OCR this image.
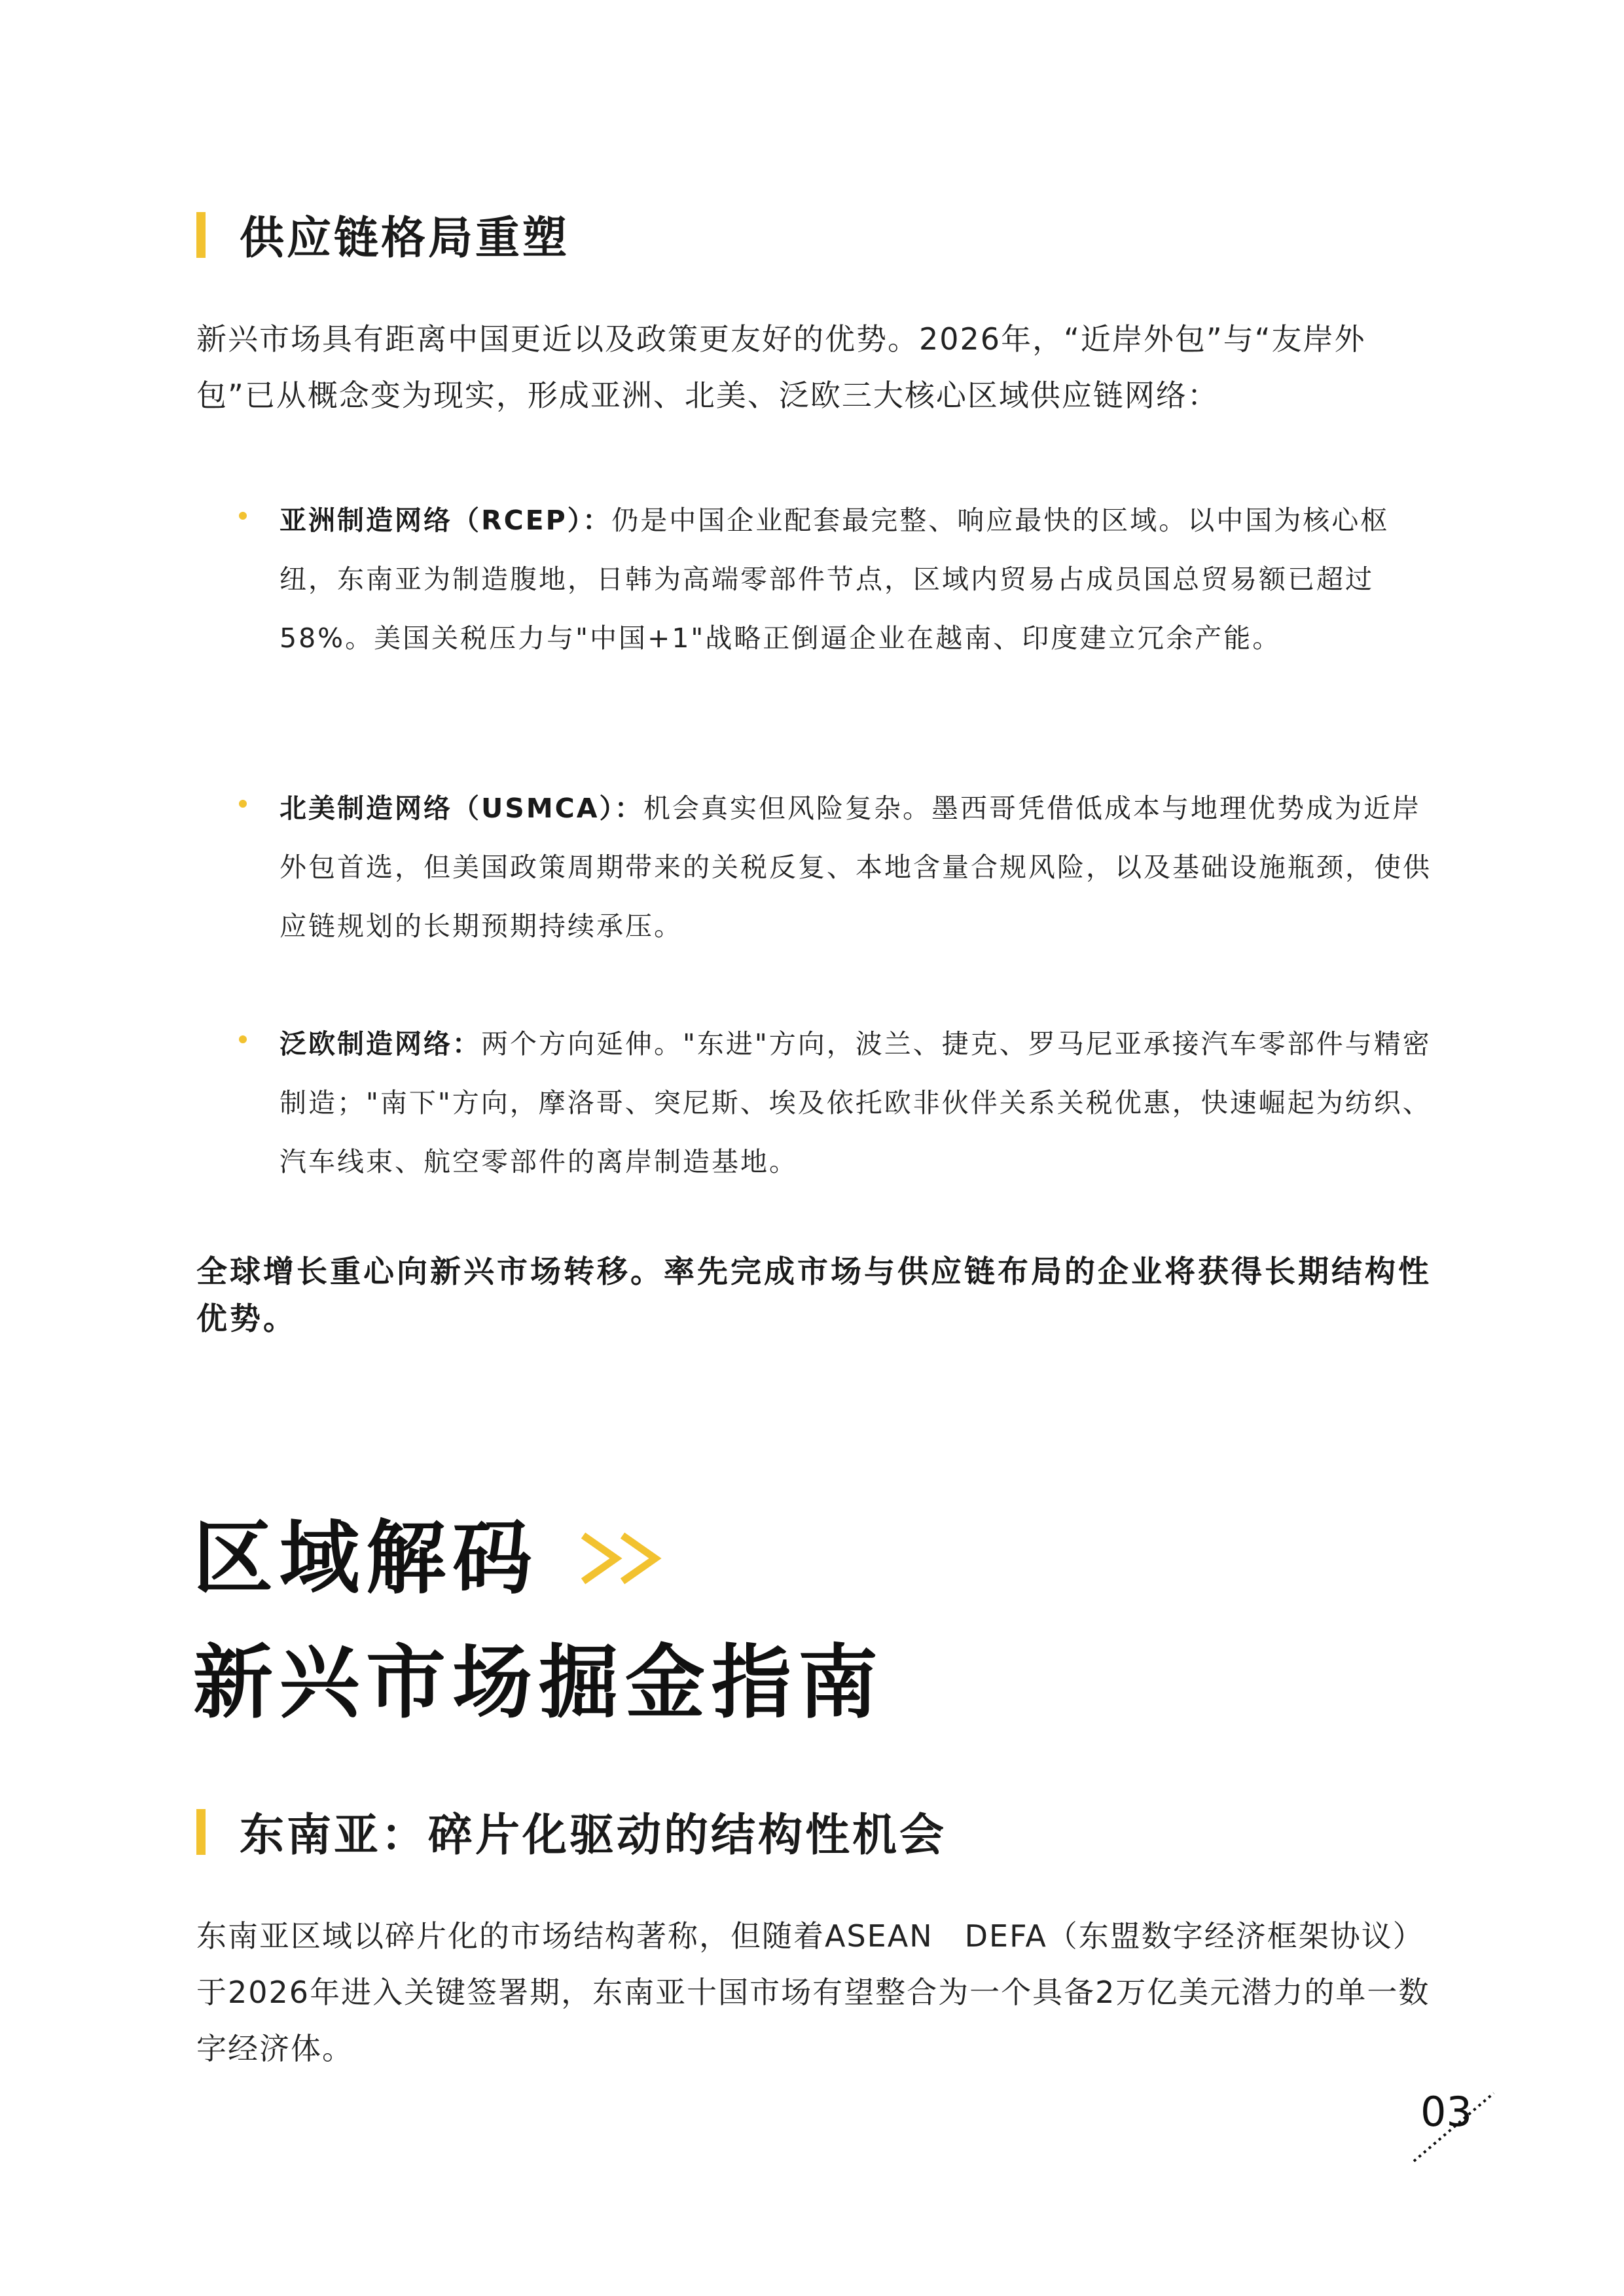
供应链格局重塑
新兴市场具有距离中国更近以及政策更友好的优势。2026年，“近岸外包”与“友岸外包”已从概念变为现实，形成亚洲、北美、泛欧三大核心区域供应链网络：
亚洲制造网络（RCEP）：仍是中国企业配套最完整、响应最快的区域。以中国为核心枢纽，东南亚为制造腹地，日韩为高端零部件节点，区域内贸易占成员国总贸易额已超过58%。美国关税压力与"中国+1"战略正倒逼企业在越南、印度建立冗余产能。
北美制造网络（USMCA）：机会真实但风险复杂。墨西哥凭借低成本与地理优势成为近岸外包首选，但美国政策周期带来的关税反复、本地含量合规风险，以及基础设施瓶颈，使供应链规划的长期预期持续承压。
泛欧制造网络：两个方向延伸。"东进"方向，波兰、捷克、罗马尼亚承接汽车零部件与精密制造；"南下"方向，摩洛哥、突尼斯、埃及依托欧非伙伴关系关税优惠，快速崛起为纺织、汽车线束、航空零部件的离岸制造基地。
全球增长重心向新兴市场转移。率先完成市场与供应链布局的企业将获得长期结构性优势。
区域解码
新兴市场掘金指南
东南亚：碎片化驱动的结构性机会
东南亚区域以碎片化的市场结构著称，但随着ASEAN　DEFA（东盟数字经济框架协议）于2026年进入关键签署期，东南亚十国市场有望整合为一个具备2万亿美元潜力的单一数字经济体。
03
